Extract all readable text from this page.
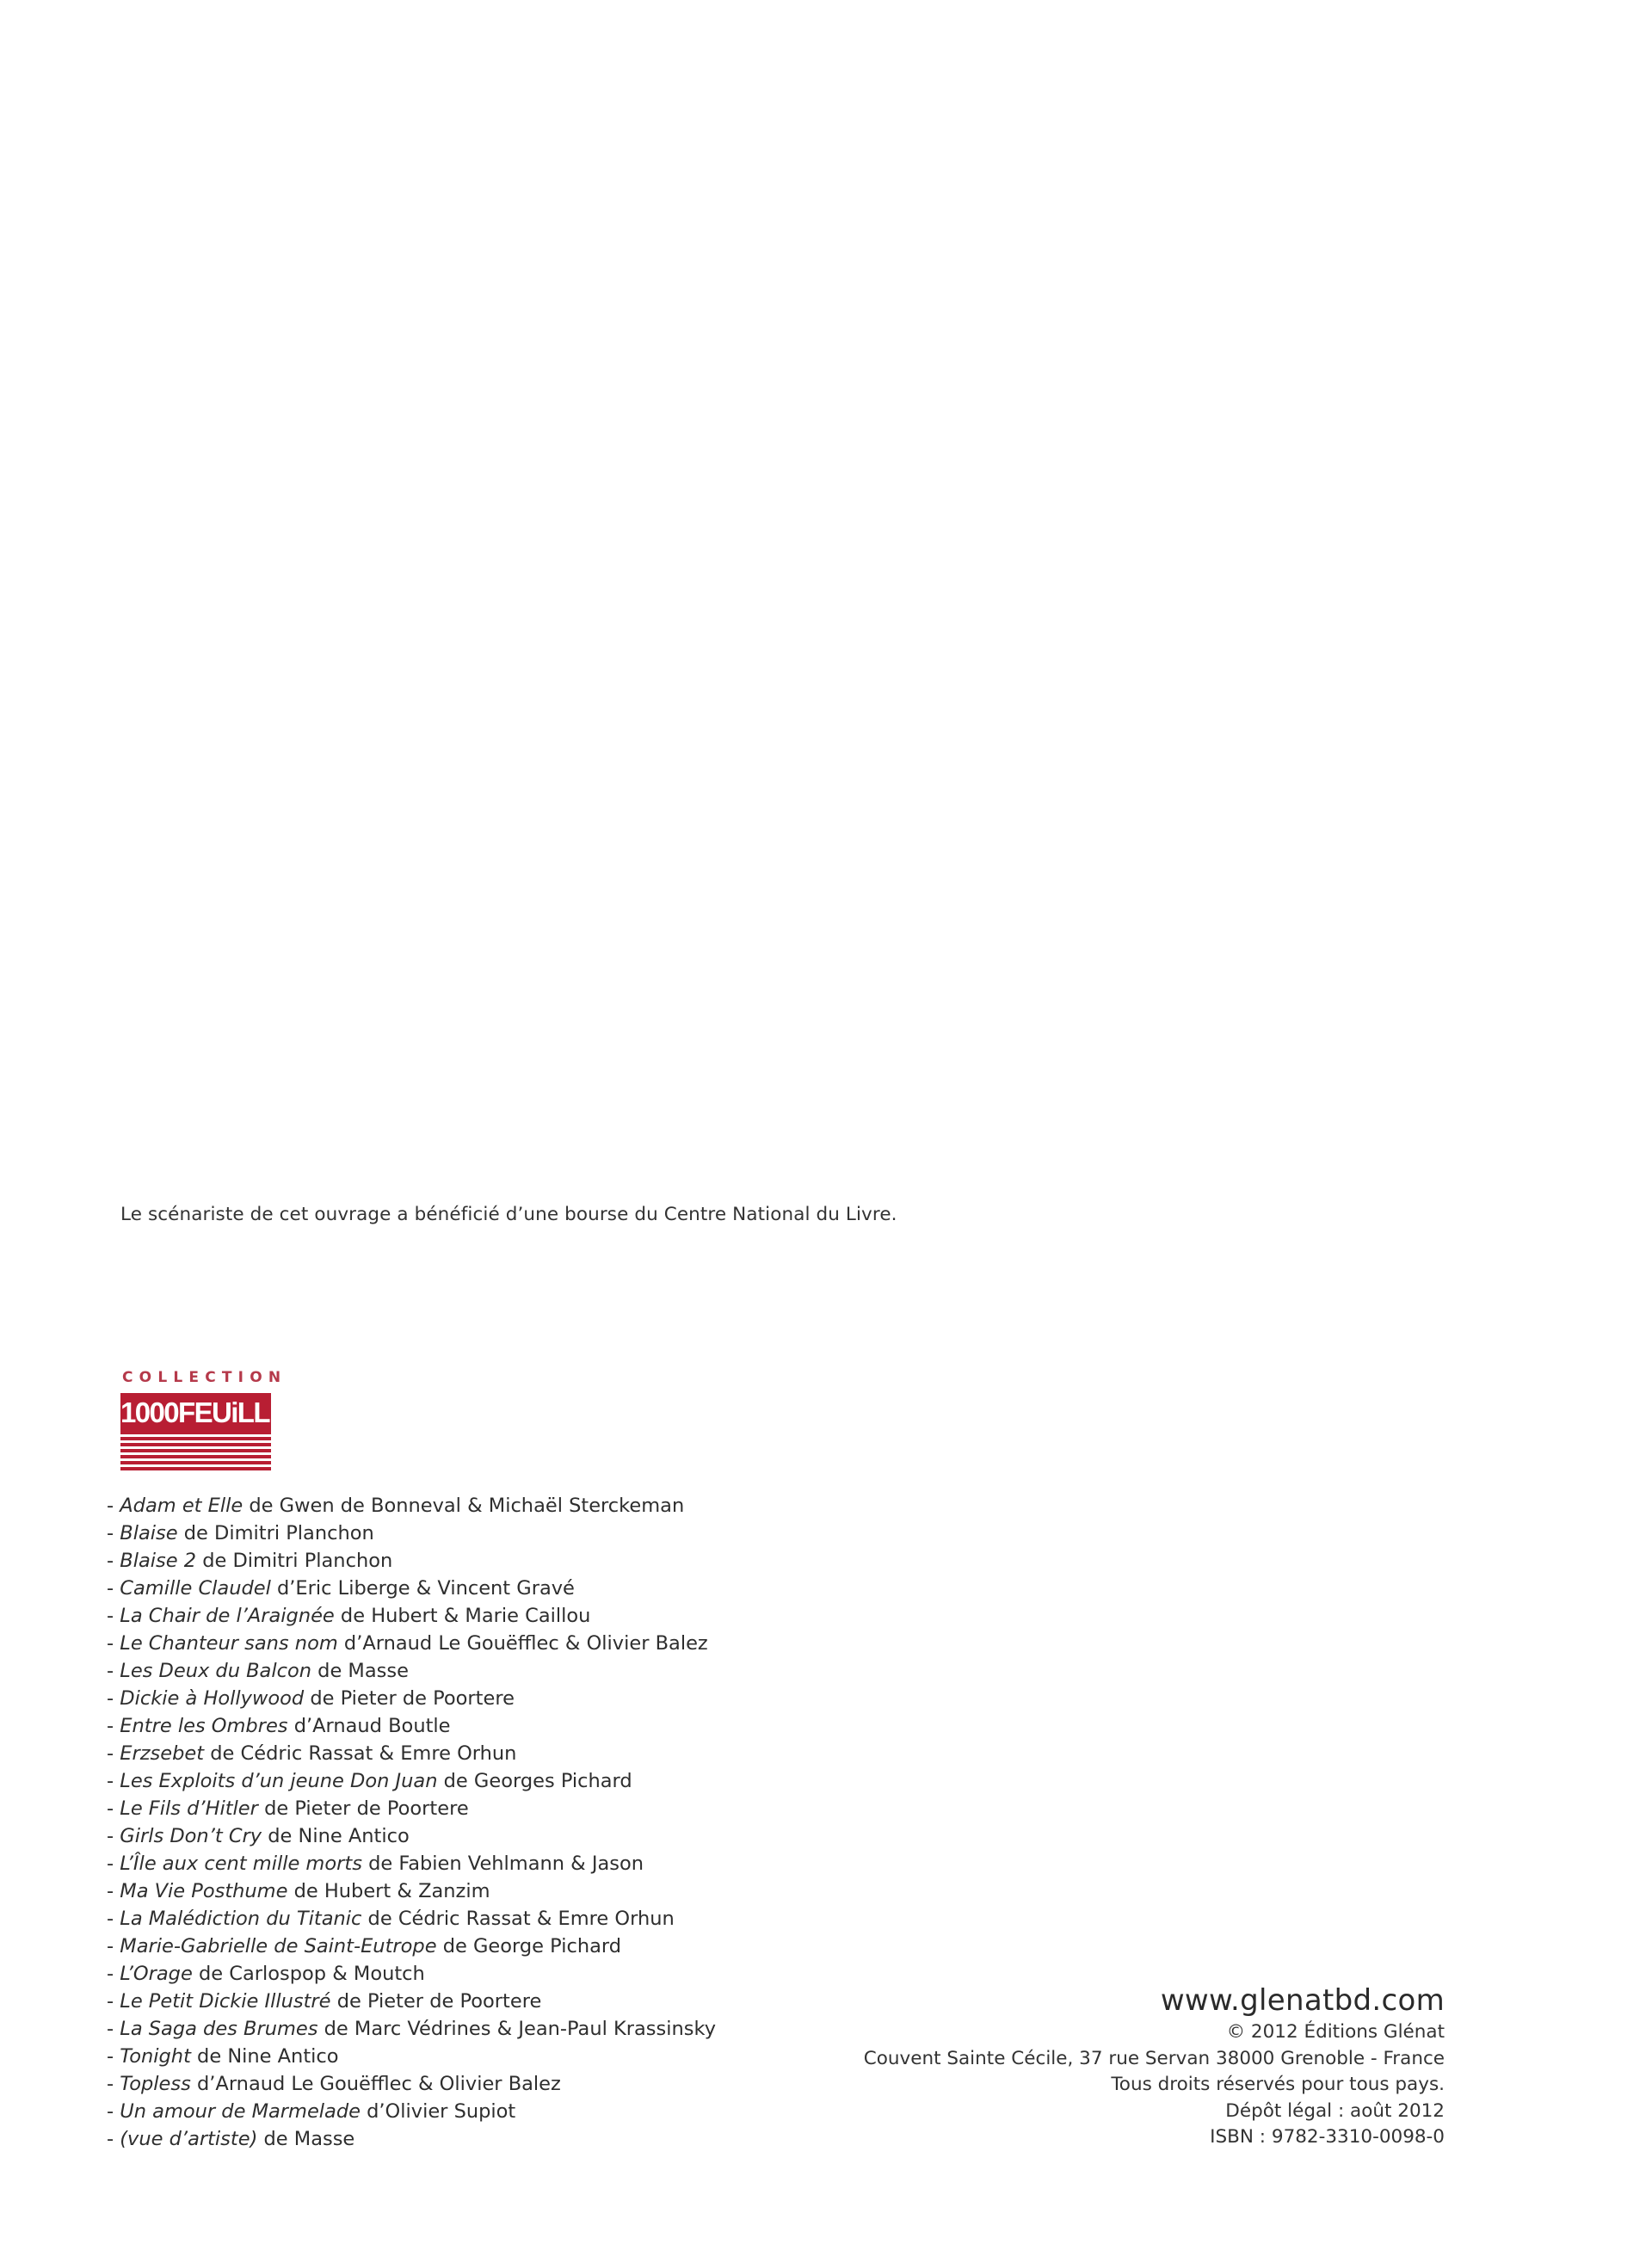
Le scénariste de cet ouvrage a bénéficié d’une bourse du Centre National du Livre.
COLLECTION
1000FEUiLLES
- Adam et Elle de Gwen de Bonneval & Michaël Sterckeman
- Blaise de Dimitri Planchon
- Blaise 2 de Dimitri Planchon
- Camille Claudel d’Eric Liberge & Vincent Gravé
- La Chair de l’Araignée de Hubert & Marie Caillou
- Le Chanteur sans nom d’Arnaud Le Gouëfflec & Olivier Balez
- Les Deux du Balcon de Masse
- Dickie à Hollywood de Pieter de Poortere
- Entre les Ombres d’Arnaud Boutle
- Erzsebet de Cédric Rassat & Emre Orhun
- Les Exploits d’un jeune Don Juan de Georges Pichard
- Le Fils d’Hitler de Pieter de Poortere
- Girls Don’t Cry de Nine Antico
- L’Île aux cent mille morts de Fabien Vehlmann & Jason
- Ma Vie Posthume de Hubert & Zanzim
- La Malédiction du Titanic de Cédric Rassat & Emre Orhun
- Marie-Gabrielle de Saint-Eutrope de George Pichard
- L’Orage de Carlospop & Moutch
- Le Petit Dickie Illustré de Pieter de Poortere
- La Saga des Brumes de Marc Védrines & Jean-Paul Krassinsky
- Tonight de Nine Antico
- Topless d’Arnaud Le Gouëfflec & Olivier Balez
- Un amour de Marmelade d’Olivier Supiot
- (vue d’artiste) de Masse
www.glenatbd.com
© 2012 Éditions Glénat
Couvent Sainte Cécile, 37 rue Servan 38000 Grenoble - France
Tous droits réservés pour tous pays.
Dépôt légal : août 2012
ISBN : 9782-3310-0098-0
